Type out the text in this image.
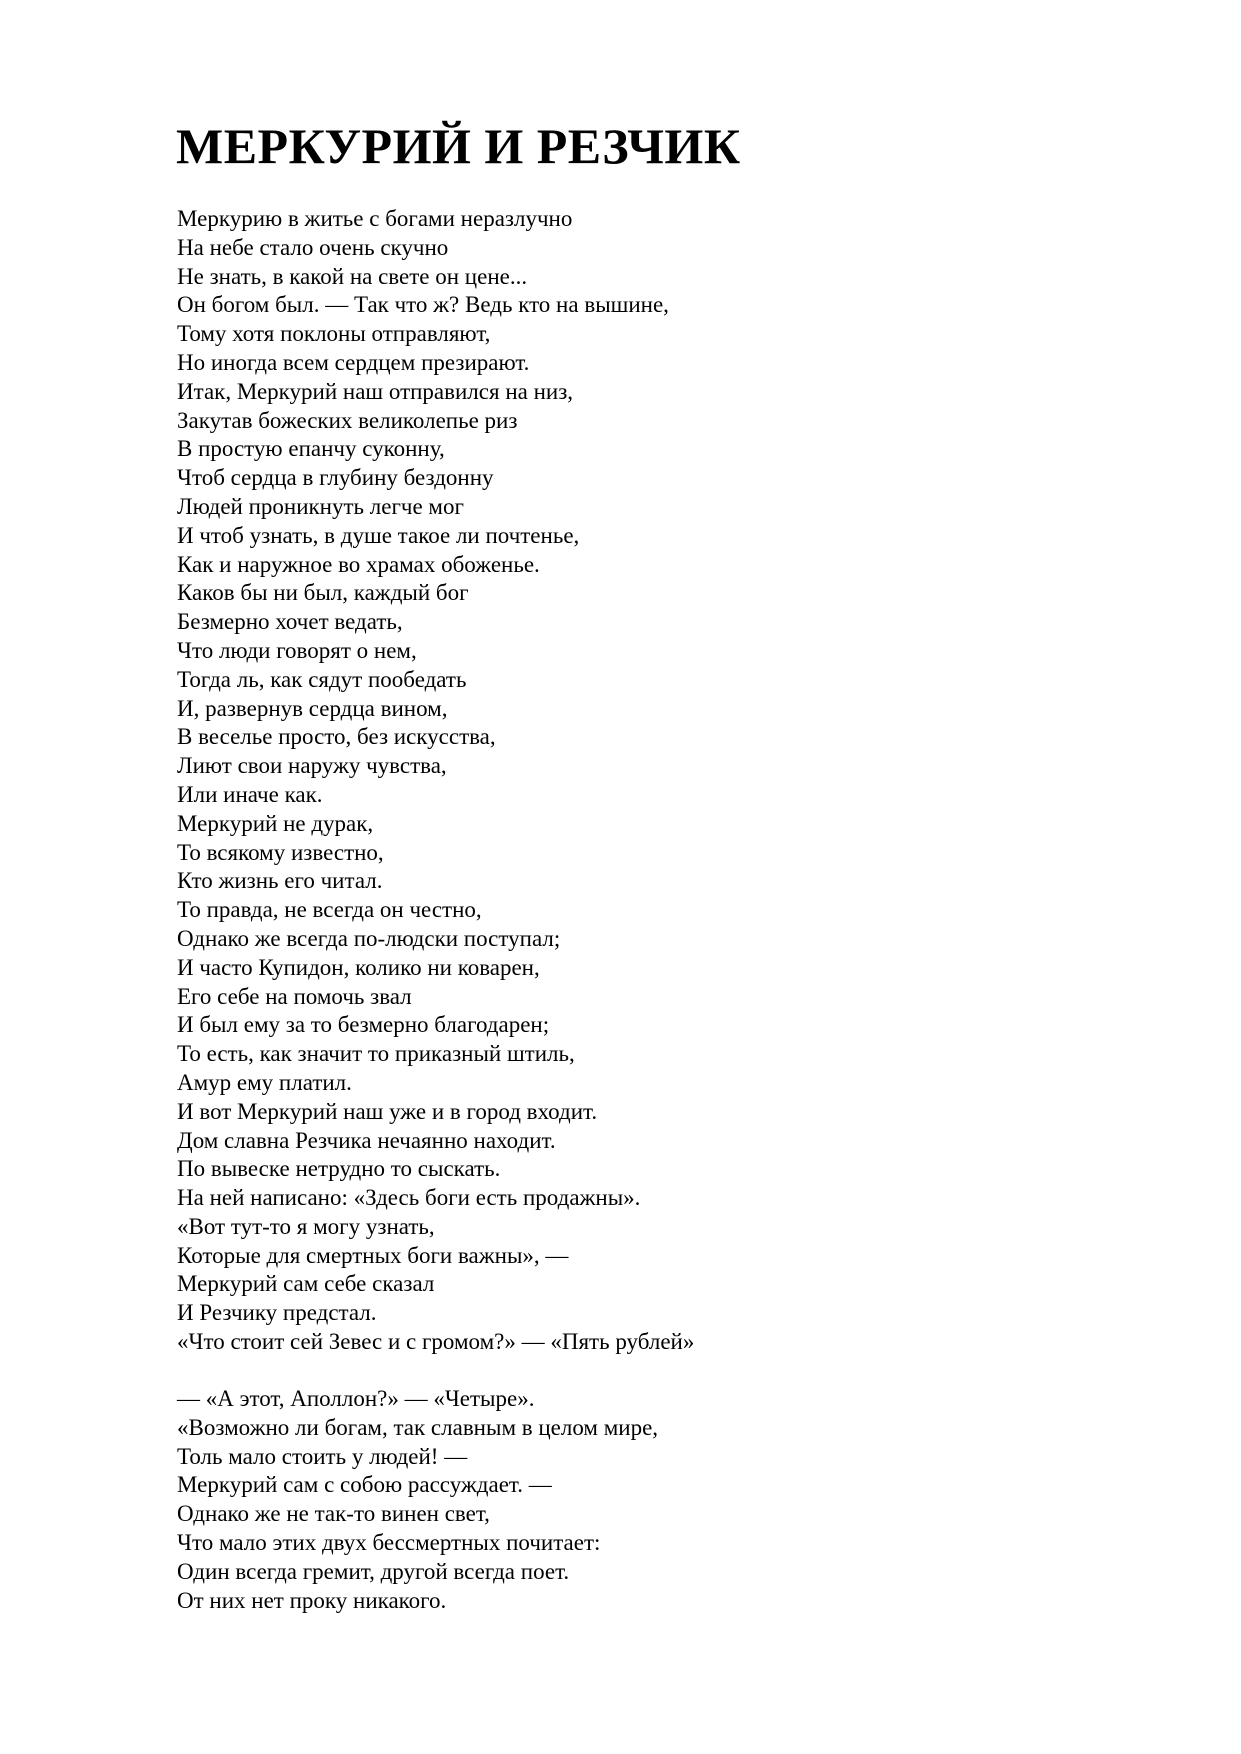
МЕРКУРИЙ И РЕЗЧИК
Меркурию в житье с богами неразлучно
На небе стало очень скучно
Не знать, в какой на свете он цене...
Он богом был. — Так что ж? Ведь кто на вышине,
Тому хотя поклоны отправляют,
Но иногда всем сердцем презирают.
Итак, Меркурий наш отправился на низ,
Закутав божеских великолепье риз
В простую епанчу суконну,
Чтоб сердца в глубину бездонну
Людей проникнуть легче мог
И чтоб узнать, в душе такое ли почтенье,
Как и наружное во храмах обоженье.
Каков бы ни был, каждый бог
Безмерно хочет ведать,
Что люди говорят о нем,
Тогда ль, как сядут пообедать
И, развернув сердца вином,
В веселье просто, без искусства,
Лиют свои наружу чувства,
Или иначе как.
Меркурий не дурак,
То всякому известно,
Кто жизнь его читал.
То правда, не всегда он честно,
Однако же всегда по-людски поступал;
И часто Купидон, колико ни коварен,
Его себе на помочь звал
И был ему за то безмерно благодарен;
То есть, как значит то приказный штиль,
Амур ему платил.
И вот Меркурий наш уже и в город входит.
Дом славна Резчика нечаянно находит.
По вывеске нетрудно то сыскать.
На ней написано: «Здесь боги есть продажны».
«Вот тут-то я могу узнать,
Которые для смертных боги важны», —
Меркурий сам себе сказал
И Резчику предстал.
«Что стоит сей Зевес и с громом?» — «Пять рублей»
— «А этот, Аполлон?» — «Четыре».
«Возможно ли богам, так славным в целом мире,
Толь мало стоить у людей! —
Меркурий сам с собою рассуждает. —
Однако же не так-то винен свет,
Что мало этих двух бессмертных почитает:
Один всегда гремит, другой всегда поет.
От них нет проку никакого.
